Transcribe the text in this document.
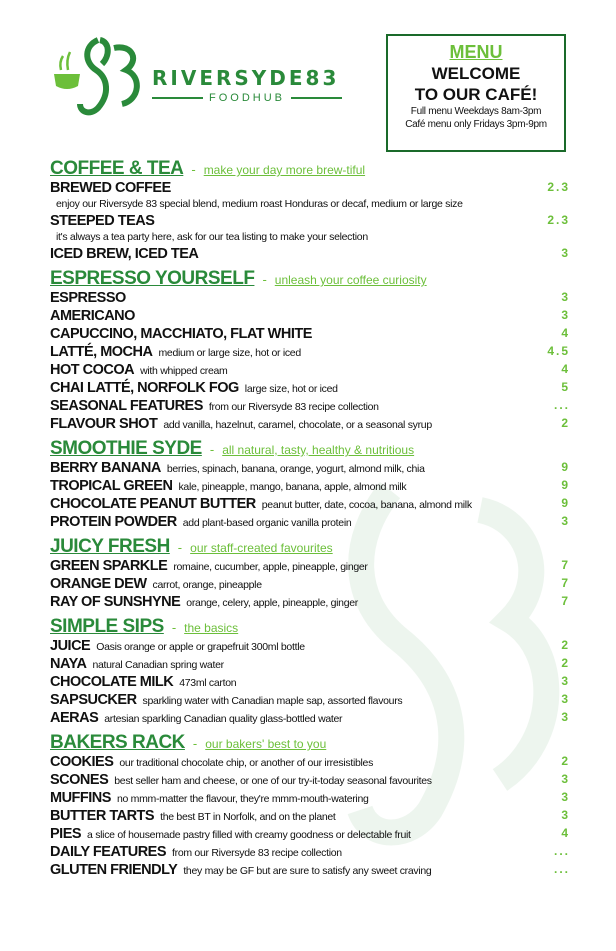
RIVERSYDE83
FOODHUB
MENU
WELCOME
TO OUR CAFÉ!
Full menu Weekdays 8am-3pm
Café menu only Fridays 3pm-9pm
COFFEE & TEA - make your day more brew-tiful
BREWED COFFEE	2.3
enjoy our Riversyde 83 special blend, medium roast Honduras or decaf, medium or large size
STEEPED TEAS	2.3
it's always a tea party here, ask for our tea listing to make your selection
ICED BREW, ICED TEA	3
ESPRESSO YOURSELF - unleash your coffee curiosity
ESPRESSO	3
AMERICANO	3
CAPUCCINO, MACCHIATO, FLAT WHITE	4
LATTÉ, MOCHA medium or large size, hot or iced	4.5
HOT COCOA with whipped cream	4
CHAI LATTÉ, NORFOLK FOG large size, hot or iced	5
SEASONAL FEATURES from our Riversyde 83 recipe collection	...
FLAVOUR SHOT add vanilla, hazelnut, caramel, chocolate, or a seasonal syrup	2
SMOOTHIE SYDE - all natural, tasty, healthy & nutritious
BERRY BANANA berries, spinach, banana, orange, yogurt, almond milk, chia	9
TROPICAL GREEN kale, pineapple, mango, banana, apple, almond milk	9
CHOCOLATE PEANUT BUTTER peanut butter, date, cocoa, banana, almond milk	9
PROTEIN POWDER add plant-based organic vanilla protein	3
JUICY FRESH - our staff-created favourites
GREEN SPARKLE romaine, cucumber, apple, pineapple, ginger	7
ORANGE DEW carrot, orange, pineapple	7
RAY OF SUNSHYNE orange, celery, apple, pineapple, ginger	7
SIMPLE SIPS - the basics
JUICE Oasis orange or apple or grapefruit 300ml bottle	2
NAYA natural Canadian spring water	2
CHOCOLATE MILK 473ml carton	3
SAPSUCKER sparkling water with Canadian maple sap, assorted flavours	3
AERAS artesian sparkling Canadian quality glass-bottled water	3
BAKERS RACK - our bakers' best to you
COOKIES our traditional chocolate chip, or another of our irresistibles	2
SCONES best seller ham and cheese, or one of our try-it-today seasonal favourites	3
MUFFINS no mmm-matter the flavour, they're mmm-mouth-watering	3
BUTTER TARTS the best BT in Norfolk, and on the planet	3
PIES a slice of housemade pastry filled with creamy goodness or delectable fruit	4
DAILY FEATURES from our Riversyde 83 recipe collection	...
GLUTEN FRIENDLY they may be GF but are sure to satisfy any sweet craving	...
